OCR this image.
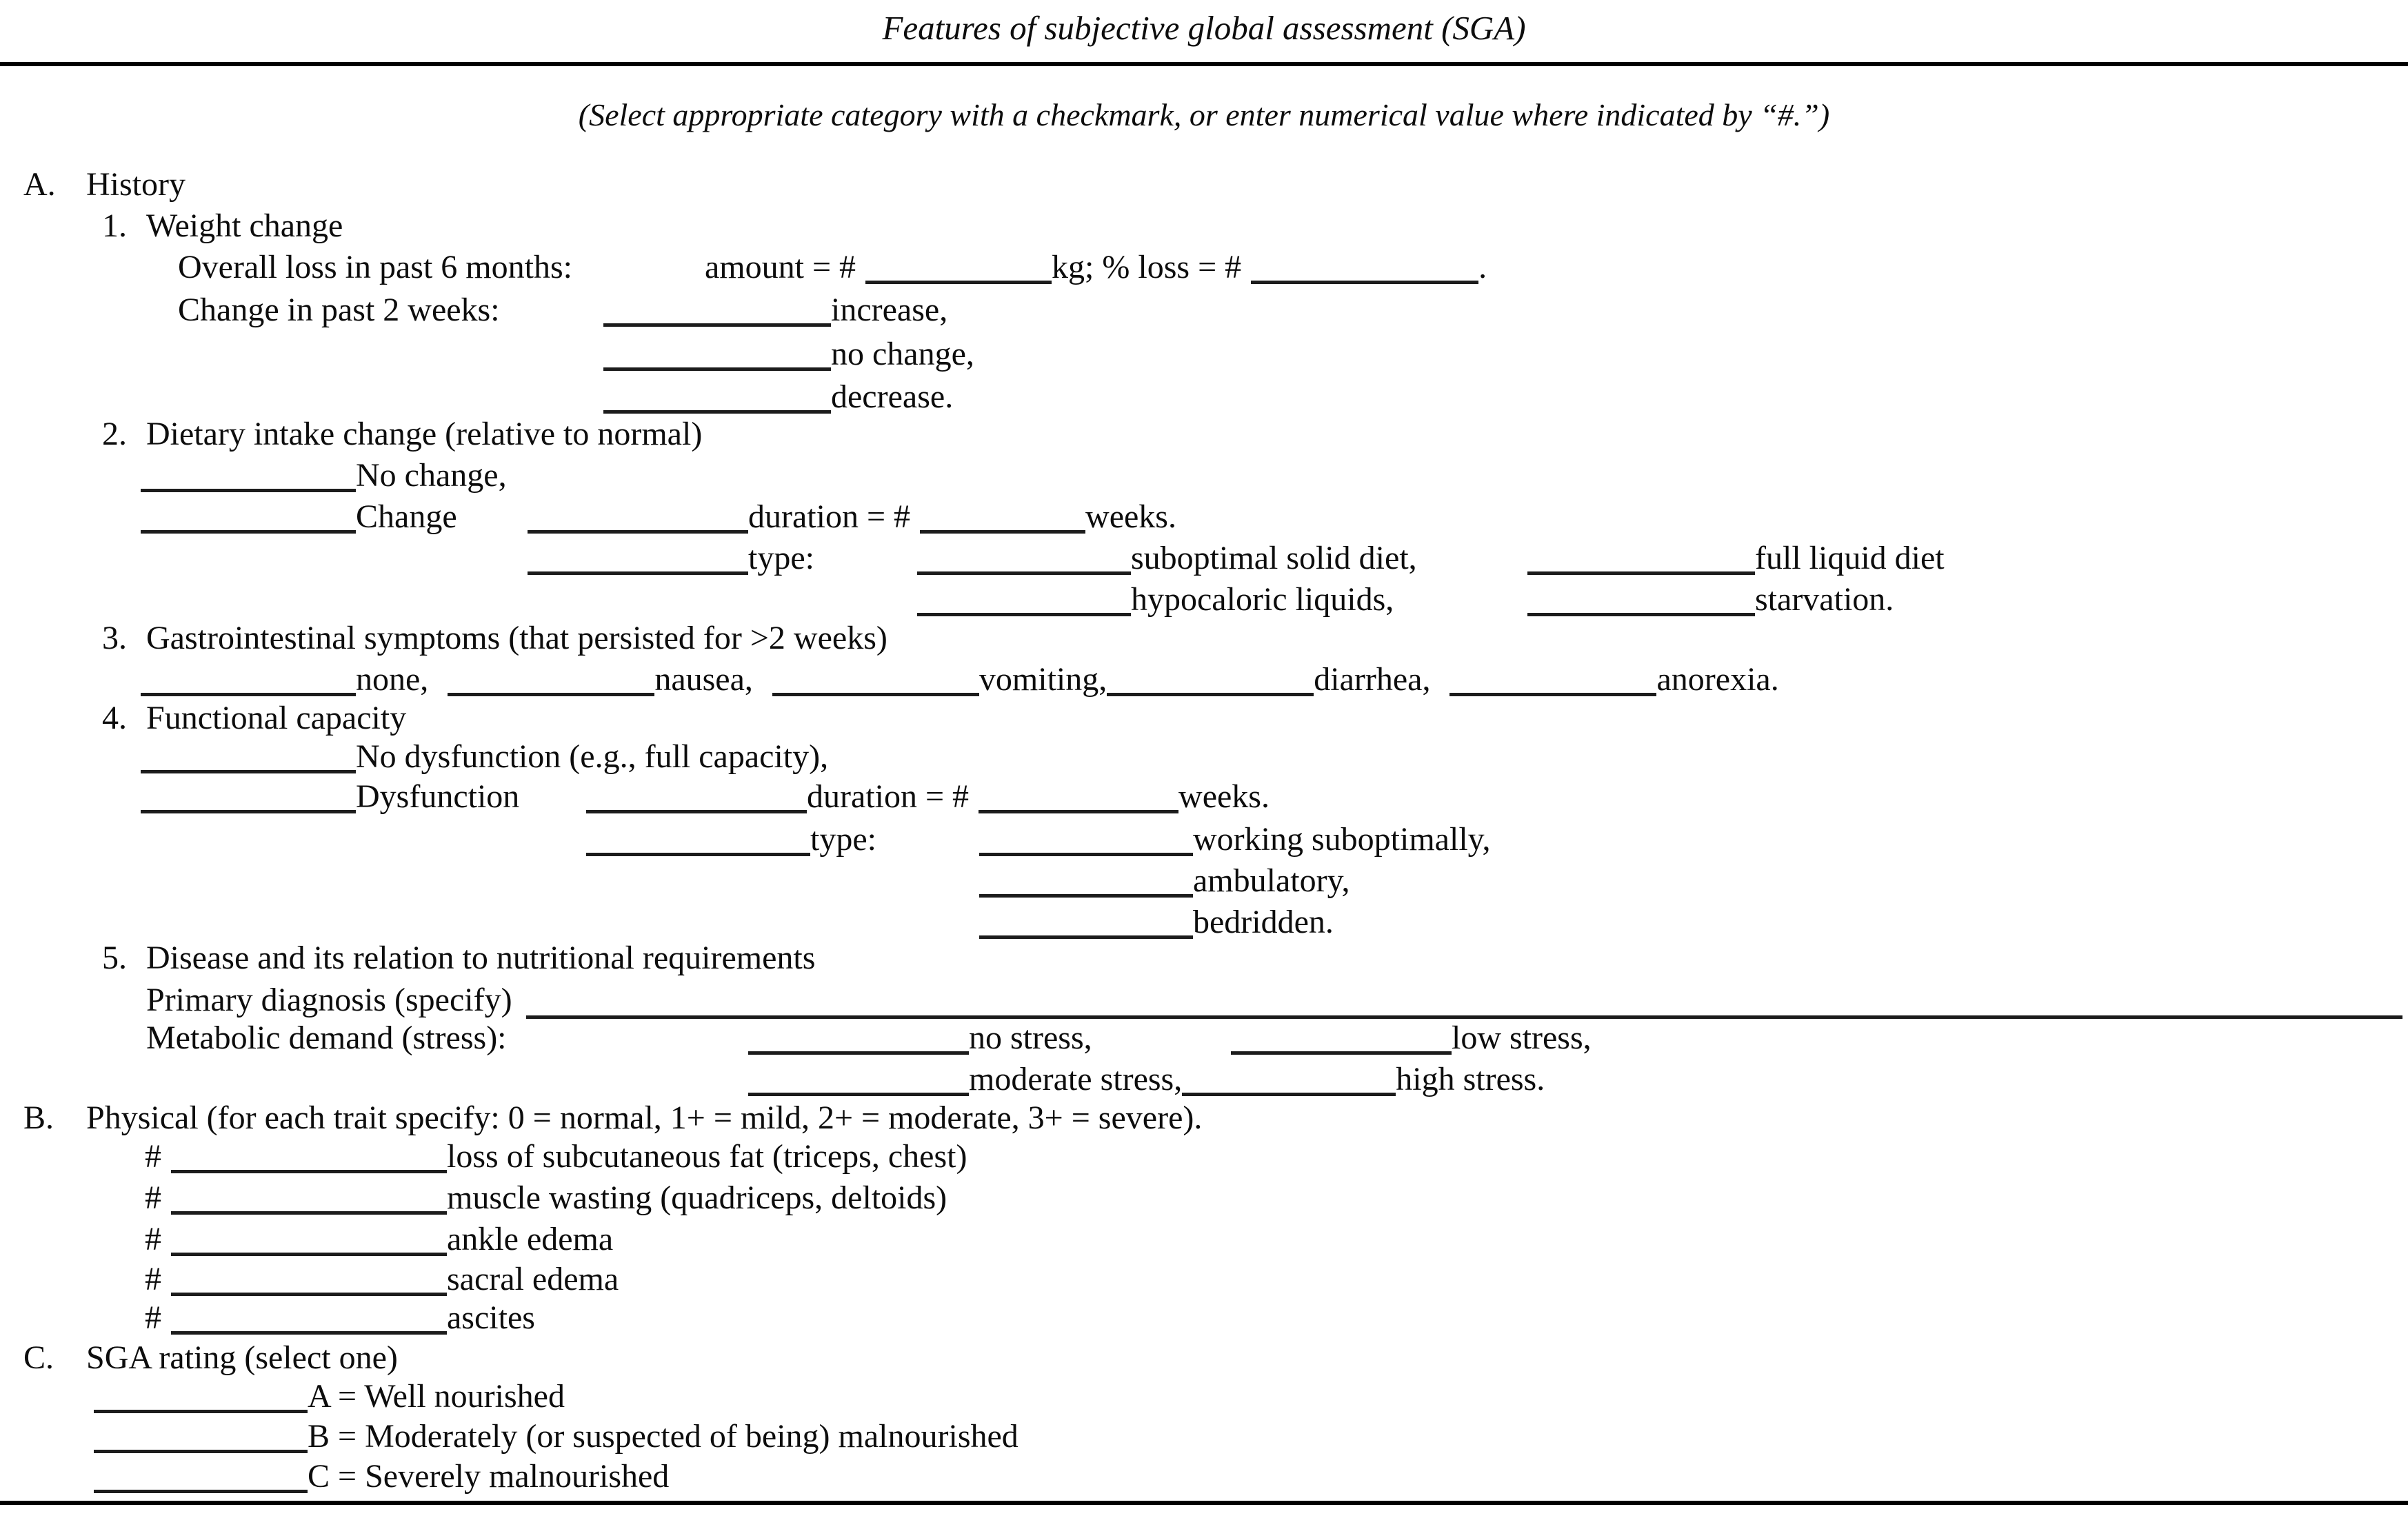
Features of subjective global assessment (SGA)
(Select appropriate category with a checkmark, or enter numerical value where indicated by “#.”)
A. History
1. Weight change
Overall loss in past 6 months:	amount = #	kg; % loss = #	.
Change in past 2 weeks:	increase,
no change,
decrease.
2. Dietary intake change (relative to normal)
No change,
Change	duration = #	weeks.
type:	suboptimal solid diet,	full liquid diet
hypocaloric liquids,	starvation.
3. Gastrointestinal symptoms (that persisted for >2 weeks)
none,	nausea,	vomiting,	diarrhea,	anorexia.
4. Functional capacity
No dysfunction (e.g., full capacity),
Dysfunction	duration = #	weeks.
type:	working suboptimally,
ambulatory,
bedridden.
5. Disease and its relation to nutritional requirements
Primary diagnosis (specify)
Metabolic demand (stress):	no stress,	low stress,
moderate stress,	high stress.
B. Physical (for each trait specify: 0 = normal, 1+ = mild, 2+ = moderate, 3+ = severe).
#	loss of subcutaneous fat (triceps, chest)
#	muscle wasting (quadriceps, deltoids)
#	ankle edema
#	sacral edema
#	ascites
C. SGA rating (select one)
A = Well nourished
B = Moderately (or suspected of being) malnourished
C = Severely malnourished
